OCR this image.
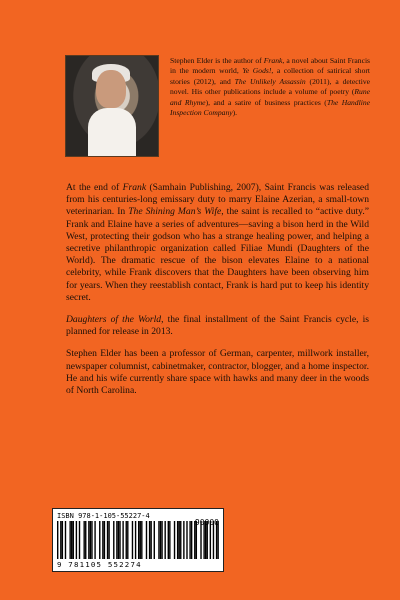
Stephen Elder is the author of Frank, a novel about Saint Francis in the modern world, Ye Gods!, a collection of satirical short stories (2012), and The Unlikely Assassin (2011), a detective novel. His other publications include a volume of poetry (Rune and Rhyme), and a satire of business practices (The Handline Inspection Company).

At the end of Frank (Samhain Publishing, 2007), Saint Francis was released from his centuries-long emissary duty to marry Elaine Azerian, a small-town veterinarian. In The Shining Man’s Wife, the saint is recalled to “active duty.” Frank and Elaine have a series of adventures—saving a bison herd in the Wild West, protecting their godson who has a strange healing power, and helping a secretive philanthropic organization called Filiae Mundi (Daughters of the World). The dramatic rescue of the bison elevates Elaine to a national celebrity, while Frank discovers that the Daughters have been observing him for years. When they reestablish contact, Frank is hard put to keep his identity secret.

Daughters of the World, the final installment of the Saint Francis cycle, is planned for release in 2013.

Stephen Elder has been a professor of German, carpenter, millwork installer, newspaper columnist, cabinetmaker, contractor, blogger, and a home inspector. He and his wife currently share space with hawks and many deer in the woods of North Carolina.

ISBN 978-1-105-55227-4
9 781105 552274
